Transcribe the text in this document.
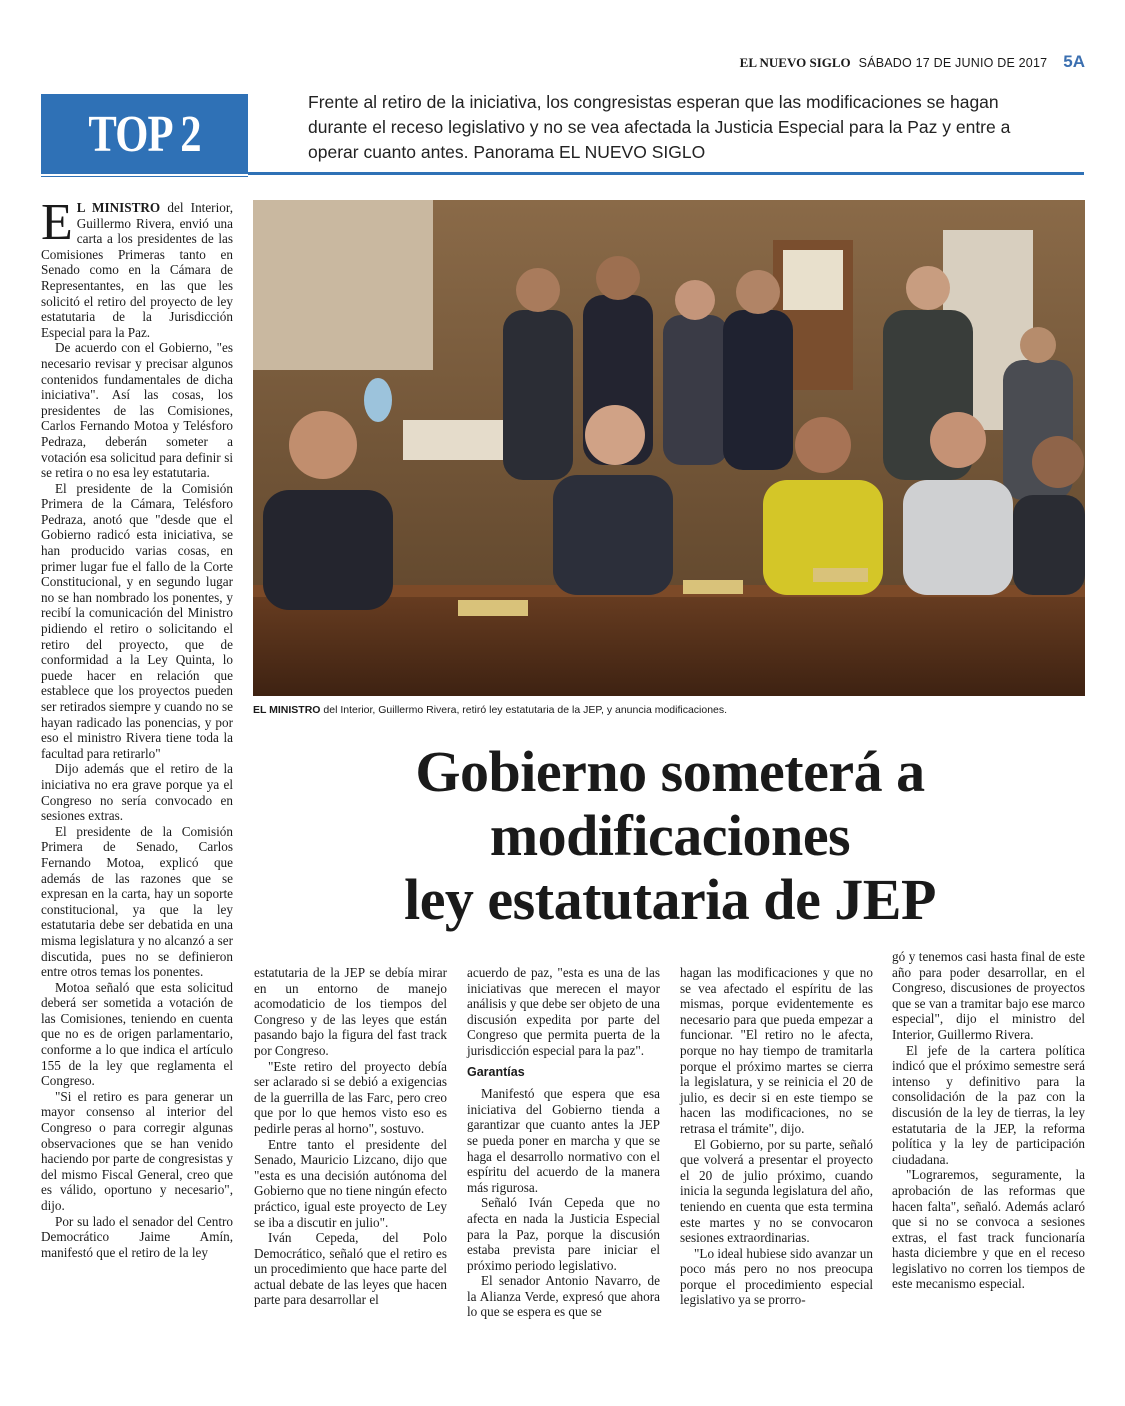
EL NUEVO SIGLO SÁBADO 17 DE JUNIO DE 2017 5A
TOP 2
Frente al retiro de la iniciativa, los congresistas esperan que las modificaciones se hagan durante el receso legislativo y no se vea afectada la Justicia Especial para la Paz y entre a operar cuanto antes. Panorama EL NUEVO SIGLO
EL MINISTRO del Interior, Guillermo Rivera, retiró ley estatutaria de la JEP, y anuncia modificaciones.
Gobierno someterá a
modificaciones
ley estatutaria de JEP

E L MINISTRO del Interior, Guillermo Rivera, envió una carta a los presidentes de las Comisiones Primeras tanto en Senado como en la Cámara de Representantes, en las que les solicitó el retiro del proyecto de ley estatutaria de la Jurisdicción Especial para la Paz.

De acuerdo con el Gobierno, "es necesario revisar y precisar algunos contenidos fundamentales de dicha iniciativa". Así las cosas, los presidentes de las Comisiones, Carlos Fernando Motoa y Telésforo Pedraza, deberán someter a votación esa solicitud para definir si se retira o no esa ley estatutaria.

El presidente de la Comisión Primera de la Cámara, Telésforo Pedraza, anotó que "desde que el Gobierno radicó esta iniciativa, se han producido varias cosas, en primer lugar fue el fallo de la Corte Constitucional, y en segundo lugar no se han nombrado los ponentes, y recibí la comunicación del Ministro pidiendo el retiro o solicitando el retiro del proyecto, que de conformidad a la Ley Quinta, lo puede hacer en relación que establece que los proyectos pueden ser retirados siempre y cuando no se hayan radicado las ponencias, y por eso el ministro Rivera tiene toda la facultad para retirarlo"

Dijo además que el retiro de la iniciativa no era grave porque ya el Congreso no sería convocado en sesiones extras.

El presidente de la Comisión Primera de Senado, Carlos Fernando Motoa, explicó que además de las razones que se expresan en la carta, hay un soporte constitucional, ya que la ley estatutaria debe ser debatida en una misma legislatura y no alcanzó a ser discutida, pues no se definieron entre otros temas los ponentes.

Motoa señaló que esta solicitud deberá ser sometida a votación de las Comisiones, teniendo en cuenta que no es de origen parlamentario, conforme a lo que indica el artículo 155 de la ley que reglamenta el Congreso.

"Si el retiro es para generar un mayor consenso al interior del Congreso o para corregir algunas observaciones que se han venido haciendo por parte de congresistas y del mismo Fiscal General, creo que es válido, oportuno y necesario", dijo.

Por su lado el senador del Centro Democrático Jaime Amín, manifestó que el retiro de la ley

estatutaria de la JEP se debía mirar en un entorno de manejo acomodaticio de los tiempos del Congreso y de las leyes que están pasando bajo la figura del fast track por Congreso.

"Este retiro del proyecto debía ser aclarado si se debió a exigencias de la guerrilla de las Farc, pero creo que por lo que hemos visto eso es pedirle peras al horno", sostuvo.

Entre tanto el presidente del Senado, Mauricio Lizcano, dijo que "esta es una decisión autónoma del Gobierno que no tiene ningún efecto práctico, igual este proyecto de Ley se iba a discutir en julio".

Iván Cepeda, del Polo Democrático, señaló que el retiro es un procedimiento que hace parte del actual debate de las leyes que hacen parte para desarrollar el

acuerdo de paz, "esta es una de las iniciativas que merecen el mayor análisis y que debe ser objeto de una discusión expedita por parte del Congreso que permita puerta de la jurisdicción especial para la paz".

Garantías

Manifestó que espera que esa iniciativa del Gobierno tienda a garantizar que cuanto antes la JEP se pueda poner en marcha y que se haga el desarrollo normativo con el espíritu del acuerdo de la manera más rigurosa.

Señaló Iván Cepeda que no afecta en nada la Justicia Especial para la Paz, porque la discusión estaba prevista pare iniciar el próximo periodo legislativo.

El senador Antonio Navarro, de la Alianza Verde, expresó que ahora lo que se espera es que se

hagan las modificaciones y que no se vea afectado el espíritu de las mismas, porque evidentemente es necesario para que pueda empezar a funcionar. "El retiro no le afecta, porque no hay tiempo de tramitarla porque el próximo martes se cierra la legislatura, y se reinicia el 20 de julio, es decir si en este tiempo se hacen las modificaciones, no se retrasa el trámite", dijo.

El Gobierno, por su parte, señaló que volverá a presentar el proyecto el 20 de julio próximo, cuando inicia la segunda legislatura del año, teniendo en cuenta que esta termina este martes y no se convocaron sesiones extraordinarias.

"Lo ideal hubiese sido avanzar un poco más pero no nos preocupa porque el procedimiento especial legislativo ya se prorro-

gó y tenemos casi hasta final de este año para poder desarrollar, en el Congreso, discusiones de proyectos que se van a tramitar bajo ese marco especial", dijo el ministro del Interior, Guillermo Rivera.

El jefe de la cartera política indicó que el próximo semestre será intenso y definitivo para la consolidación de la paz con la discusión de la ley de tierras, la ley estatutaria de la JEP, la reforma política y la ley de participación ciudadana.

"Lograremos, seguramente, la aprobación de las reformas que hacen falta", señaló. Además aclaró que si no se convoca a sesiones extras, el fast track funcionaría hasta diciembre y que en el receso legislativo no corren los tiempos de este mecanismo especial.
